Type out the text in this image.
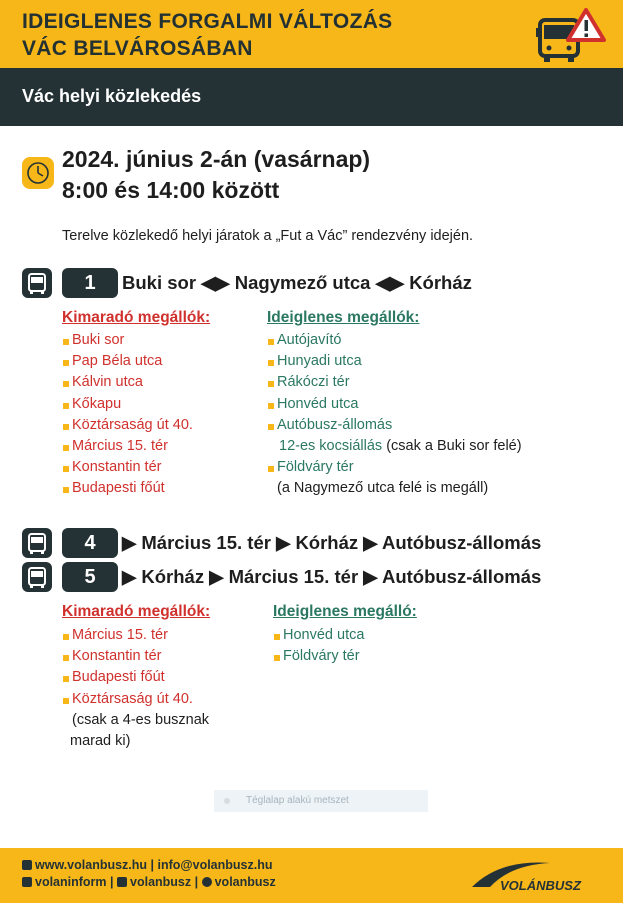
IDEIGLENES FORGALMI VÁLTOZÁS
VÁC BELVÁROSÁBAN
Vác helyi közlekedés
2024. június 2-án (vasárnap)
8:00 és 14:00 között
Terelve közlekedő helyi járatok a „Fut a Vác” rendezvény idején.
1	Buki sor ◀▶ Nagymező utca ◀▶ Kórház
Kimaradó megállók:
Buki sor
Pap Béla utca
Kálvin utca
Kőkapu
Köztársaság út 40.
Március 15. tér
Konstantin tér
Budapesti főút
Ideiglenes megállók:
Autójavító
Hunyadi utca
Rákóczi tér
Honvéd utca
Autóbusz-állomás
12-es kocsiállás (csak a Buki sor felé)
Földváry tér
(a Nagymező utca felé is megáll)
4	▶ Március 15. tér ▶ Kórház ▶ Autóbusz-állomás
5	▶ Kórház ▶ Március 15. tér ▶ Autóbusz-állomás
Kimaradó megállók:
Március 15. tér
Konstantin tér
Budapesti főút
Köztársaság út 40.
(csak a 4-es busznak
marad ki)
Ideiglenes megálló:
Honvéd utca
Földváry tér
Téglalap alakú metszet
www.volanbusz.hu | info@volanbusz.hu
volaninform | volanbusz | volanbusz	VOLÁNBUSZ
